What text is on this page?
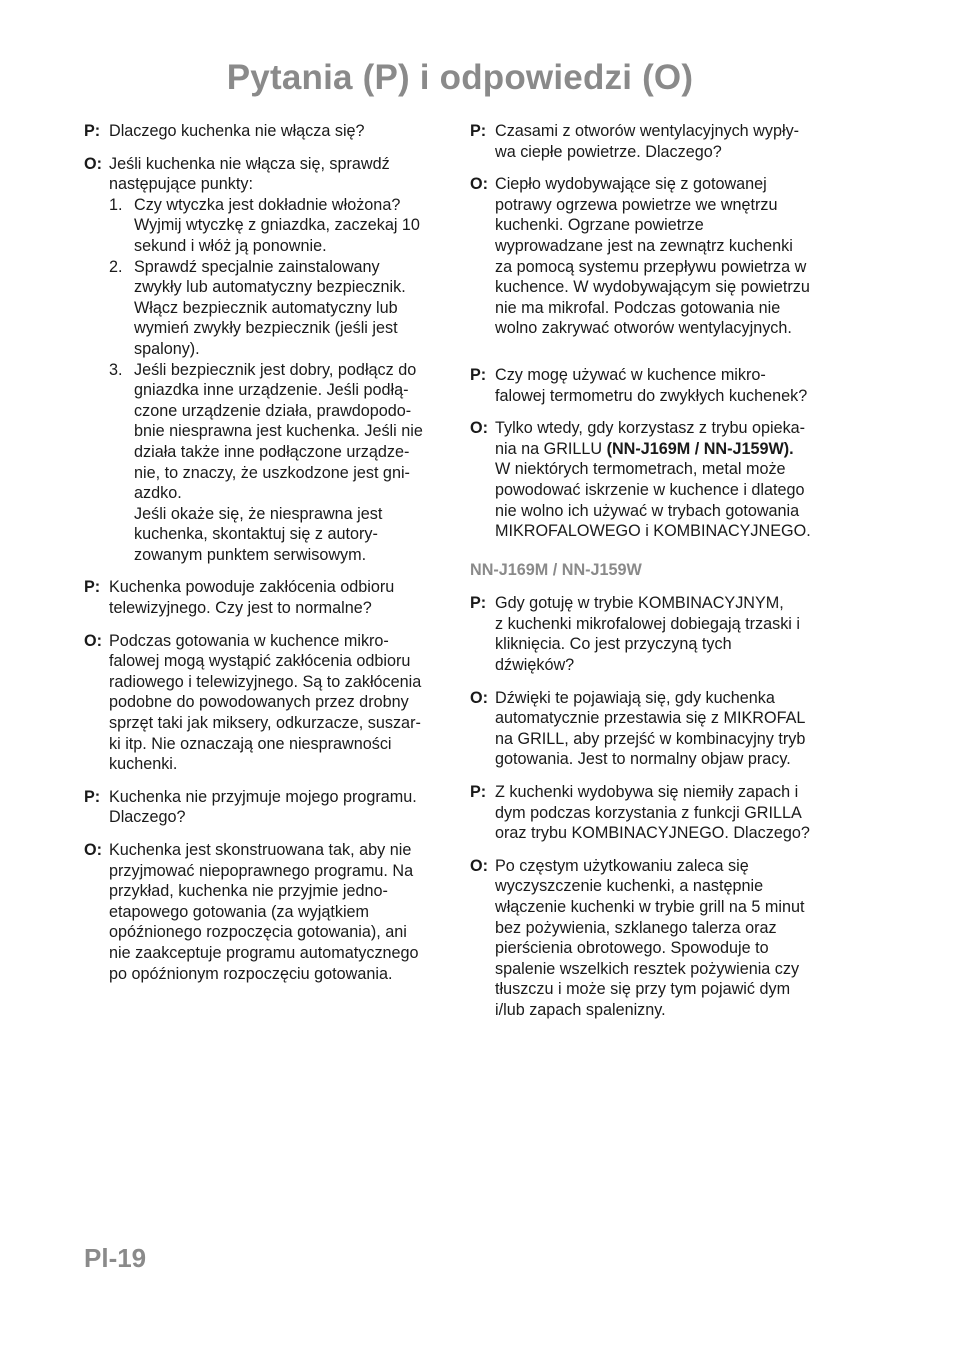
Pytania (P) i odpowiedzi (O)
P: Dlaczego kuchenka nie włącza się?
O: Jeśli kuchenka nie włącza się, sprawdź
następujące punkty:
1. Czy wtyczka jest dokładnie włożona?
Wyjmij wtyczkę z gniazdka, zaczekaj 10
sekund i włóż ją ponownie.
2. Sprawdź specjalnie zainstalowany
zwykły lub automatyczny bezpiecznik.
Włącz bezpiecznik automatyczny lub
wymień zwykły bezpiecznik (jeśli jest
spalony).
3. Jeśli bezpiecznik jest dobry, podłącz do
gniazdka inne urządzenie. Jeśli podłą-
czone urządzenie działa, prawdopodo-
bnie niesprawna jest kuchenka. Jeśli nie
działa także inne podłączone urządze-
nie, to znaczy, że uszkodzone jest gni-
azdko.
Jeśli okaże się, że niesprawna jest
kuchenka, skontaktuj się z autory-
zowanym punktem serwisowym.
P: Kuchenka powoduje zakłócenia odbioru
telewizyjnego. Czy jest to normalne?
O: Podczas gotowania w kuchence mikro-
falowej mogą wystąpić zakłócenia odbioru
radiowego i telewizyjnego. Są to zakłócenia
podobne do powodowanych przez drobny
sprzęt taki jak miksery, odkurzacze, suszar-
ki itp. Nie oznaczają one niesprawności
kuchenki.
P: Kuchenka nie przyjmuje mojego programu.
Dlaczego?
O: Kuchenka jest skonstruowana tak, aby nie
przyjmować niepoprawnego programu. Na
przykład, kuchenka nie przyjmie jedno-
etapowego gotowania (za wyjątkiem
opóźnionego rozpoczęcia gotowania), ani
nie zaakceptuje programu automatycznego
po opóźnionym rozpoczęciu gotowania.
P: Czasami z otworów wentylacyjnych wypły-
wa ciepłe powietrze. Dlaczego?
O: Ciepło wydobywające się z gotowanej
potrawy ogrzewa powietrze we wnętrzu
kuchenki. Ogrzane powietrze
wyprowadzane jest na zewnątrz kuchenki
za pomocą systemu przepływu powietrza w
kuchence. W wydobywającym się powietrzu
nie ma mikrofal. Podczas gotowania nie
wolno zakrywać otworów wentylacyjnych.
P: Czy mogę używać w kuchence mikro-
falowej termometru do zwykłych kuchenek?
O: Tylko wtedy, gdy korzystasz z trybu opieka-
nia na GRILLU (NN-J169M / NN-J159W).
W niektórych termometrach, metal może
powodować iskrzenie w kuchence i dlatego
nie wolno ich używać w trybach gotowania
MIKROFALOWEGO i KOMBINACYJNEGO.
NN-J169M / NN-J159W
P: Gdy gotuję w trybie KOMBINACYJNYM,
z kuchenki mikrofalowej dobiegają trzaski i
kliknięcia. Co jest przyczyną tych
dźwięków?
O: Dźwięki te pojawiają się, gdy kuchenka
automatycznie przestawia się z MIKROFAL
na GRILL, aby przejść w kombinacyjny tryb
gotowania. Jest to normalny objaw pracy.
P: Z kuchenki wydobywa się niemiły zapach i
dym podczas korzystania z funkcji GRILLA
oraz trybu KOMBINACYJNEGO. Dlaczego?
O: Po częstym użytkowaniu zaleca się
wyczyszczenie kuchenki, a następnie
włączenie kuchenki w trybie grill na 5 minut
bez pożywienia, szklanego talerza oraz
pierścienia obrotowego. Spowoduje to
spalenie wszelkich resztek pożywienia czy
tłuszczu i może się przy tym pojawić dym
i/lub zapach spalenizny.
Pl-19
